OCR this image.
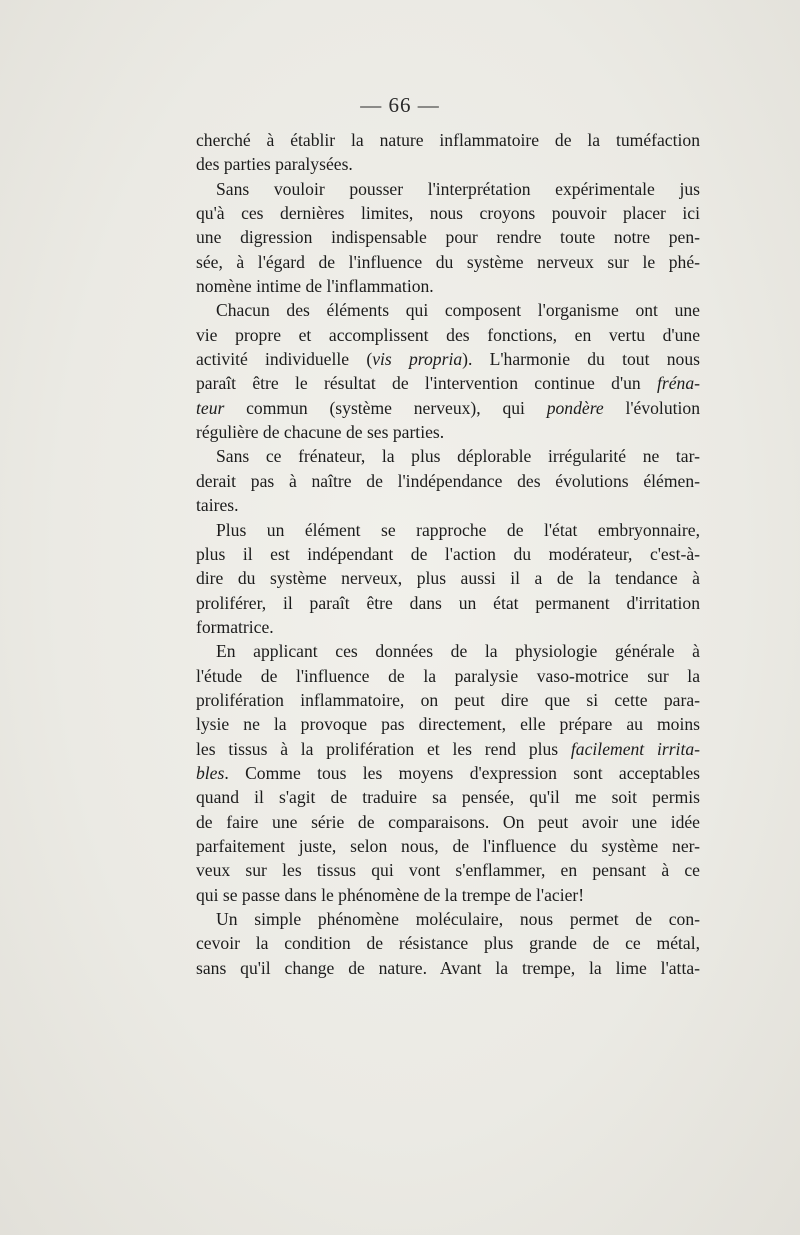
— 66 —
cherché à établir la nature inflammatoire de la tuméfaction
des parties paralysées.
Sans vouloir pousser l'interprétation expérimentale jus
qu'à ces dernières limites, nous croyons pouvoir placer ici
une digression indispensable pour rendre toute notre pen-
sée, à l'égard de l'influence du système nerveux sur le phé-
nomène intime de l'inflammation.
Chacun des éléments qui composent l'organisme ont une
vie propre et accomplissent des fonctions, en vertu d'une
activité individuelle (vis propria). L'harmonie du tout nous
paraît être le résultat de l'intervention continue d'un fréna-
teur commun (système nerveux), qui pondère l'évolution
régulière de chacune de ses parties.
Sans ce frénateur, la plus déplorable irrégularité ne tar-
derait pas à naître de l'indépendance des évolutions élémen-
taires.
Plus un élément se rapproche de l'état embryonnaire,
plus il est indépendant de l'action du modérateur, c'est-à-
dire du système nerveux, plus aussi il a de la tendance à
proliférer, il paraît être dans un état permanent d'irritation
formatrice.
En applicant ces données de la physiologie générale à
l'étude de l'influence de la paralysie vaso-motrice sur la
prolifération inflammatoire, on peut dire que si cette para-
lysie ne la provoque pas directement, elle prépare au moins
les tissus à la prolifération et les rend plus facilement irrita-
bles. Comme tous les moyens d'expression sont acceptables
quand il s'agit de traduire sa pensée, qu'il me soit permis
de faire une série de comparaisons. On peut avoir une idée
parfaitement juste, selon nous, de l'influence du système ner-
veux sur les tissus qui vont s'enflammer, en pensant à ce
qui se passe dans le phénomène de la trempe de l'acier!
Un simple phénomène moléculaire, nous permet de con-
cevoir la condition de résistance plus grande de ce métal,
sans qu'il change de nature. Avant la trempe, la lime l'atta-
